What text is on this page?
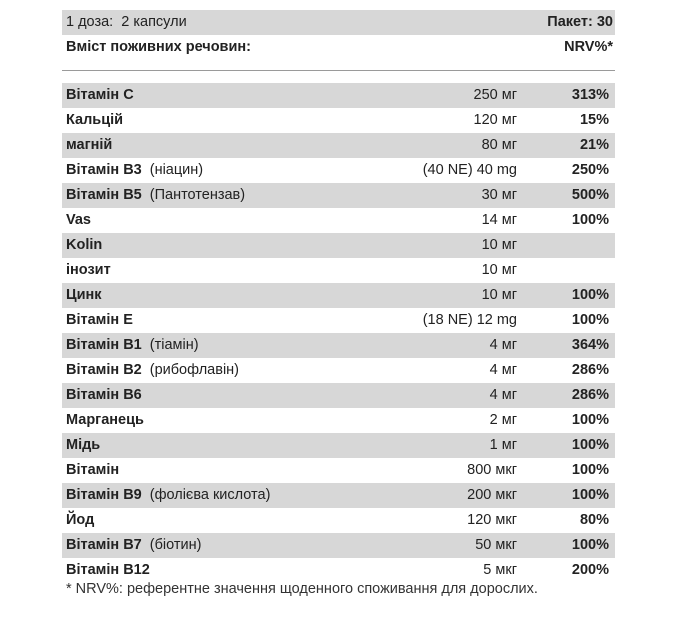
1 доза: 2 капсули	Пакет: 30
Вміст поживних речовин:	NRV%*
Вітамін C	250 мг	313%
Кальцій	120 мг	15%
магній	80 мг	21%
Вітамін B3 (ніацин)	(40 NE) 40 mg	250%
Вітамін B5 (Пантотензав)	30 мг	500%
Vas	14 мг	100%
Kolin	10 мг
інозит	10 мг
Цинк	10 мг	100%
Вітамін E	(18 NE) 12 mg	100%
Вітамін B1 (тіамін)	4 мг	364%
Вітамін B2 (рибофлавін)	4 мг	286%
Вітамін B6	4 мг	286%
Марганець	2 мг	100%
Мідь	1 мг	100%
Вітамін	800 мкг	100%
Вітамін B9 (фолієва кислота)	200 мкг	100%
Йод	120 мкг	80%
Вітамін B7 (біотин)	50 мкг	100%
Вітамін B12	5 мкг	200%
* NRV%: референтне значення щоденного споживання для дорослих.
